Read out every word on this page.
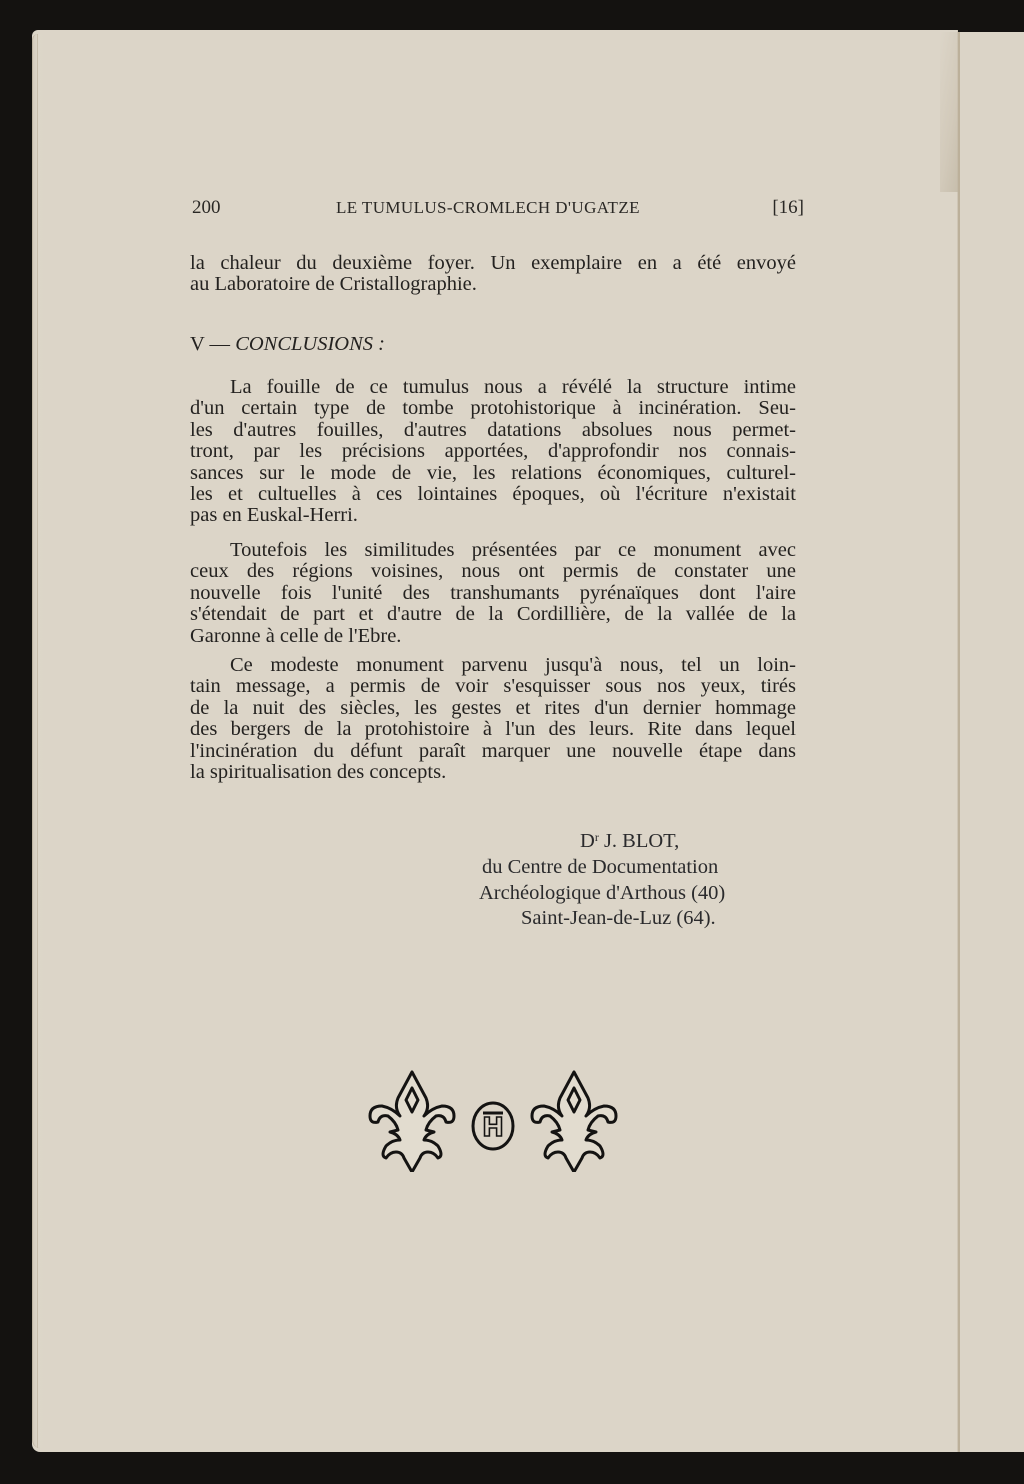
200	LE TUMULUS-CROMLECH D'UGATZE	[16]
la chaleur du deuxième foyer. Un exemplaire en a été envoyé
au Laboratoire de Cristallographie.
V — CONCLUSIONS :
La fouille de ce tumulus nous a révélé la structure intime
d'un certain type de tombe protohistorique à incinération. Seu-
les d'autres fouilles, d'autres datations absolues nous permet-
tront, par les précisions apportées, d'approfondir nos connais-
sances sur le mode de vie, les relations économiques, culturel-
les et cultuelles à ces lointaines époques, où l'écriture n'existait
pas en Euskal-Herri.
Toutefois les similitudes présentées par ce monument avec
ceux des régions voisines, nous ont permis de constater une
nouvelle fois l'unité des transhumants pyrénaïques dont l'aire
s'étendait de part et d'autre de la Cordillière, de la vallée de la
Garonne à celle de l'Ebre.
Ce modeste monument parvenu jusqu'à nous, tel un loin-
tain message, a permis de voir s'esquisser sous nos yeux, tirés
de la nuit des siècles, les gestes et rites d'un dernier hommage
des bergers de la protohistoire à l'un des leurs. Rite dans lequel
l'incinération du défunt paraît marquer une nouvelle étape dans
la spiritualisation des concepts.
$D^r$ J. BLOT,
du Centre de Documentation
Archéologique d'Arthous (40)
Saint-Jean-de-Luz (64).
H
